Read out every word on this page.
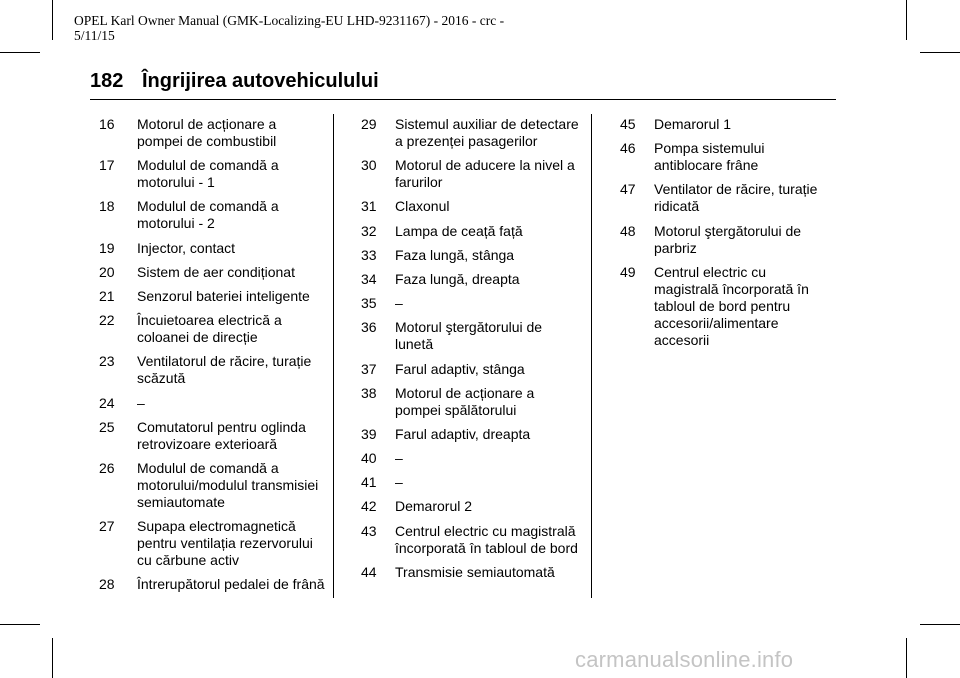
OPEL Karl Owner Manual (GMK-Localizing-EU LHD-9231167) - 2016 - crc -
5/11/15
182 Îngrijirea autovehiculului
16	Motorul de acționare a pompei de combustibil
17	Modulul de comandă a motorului - 1
18	Modulul de comandă a motorului - 2
19	Injector, contact
20	Sistem de aer condiționat
21	Senzorul bateriei inteligente
22	Încuietoarea electrică a coloanei de direcție
23	Ventilatorul de răcire, turație scăzută
24	–
25	Comutatorul pentru oglinda retrovizoare exterioară
26	Modulul de comandă a motorului/modulul transmisiei semiautomate
27	Supapa electromagnetică pentru ventilația rezervorului cu cărbune activ
28	Întrerupătorul pedalei de frână
29	Sistemul auxiliar de detectare a prezenței pasagerilor
30	Motorul de aducere la nivel a farurilor
31	Claxonul
32	Lampa de ceață față
33	Faza lungă, stânga
34	Faza lungă, dreapta
35	–
36	Motorul ştergătorului de lunetă
37	Farul adaptiv, stânga
38	Motorul de acționare a pompei spălătorului
39	Farul adaptiv, dreapta
40	–
41	–
42	Demarorul 2
43	Centrul electric cu magistrală încorporată în tabloul de bord
44	Transmisie semiautomată
45	Demarorul 1
46	Pompa sistemului antiblocare frâne
47	Ventilator de răcire, turație ridicată
48	Motorul ştergătorului de parbriz
49	Centrul electric cu magistrală încorporată în tabloul de bord pentru accesorii/alimentare accesorii
carmanualsonline.info
